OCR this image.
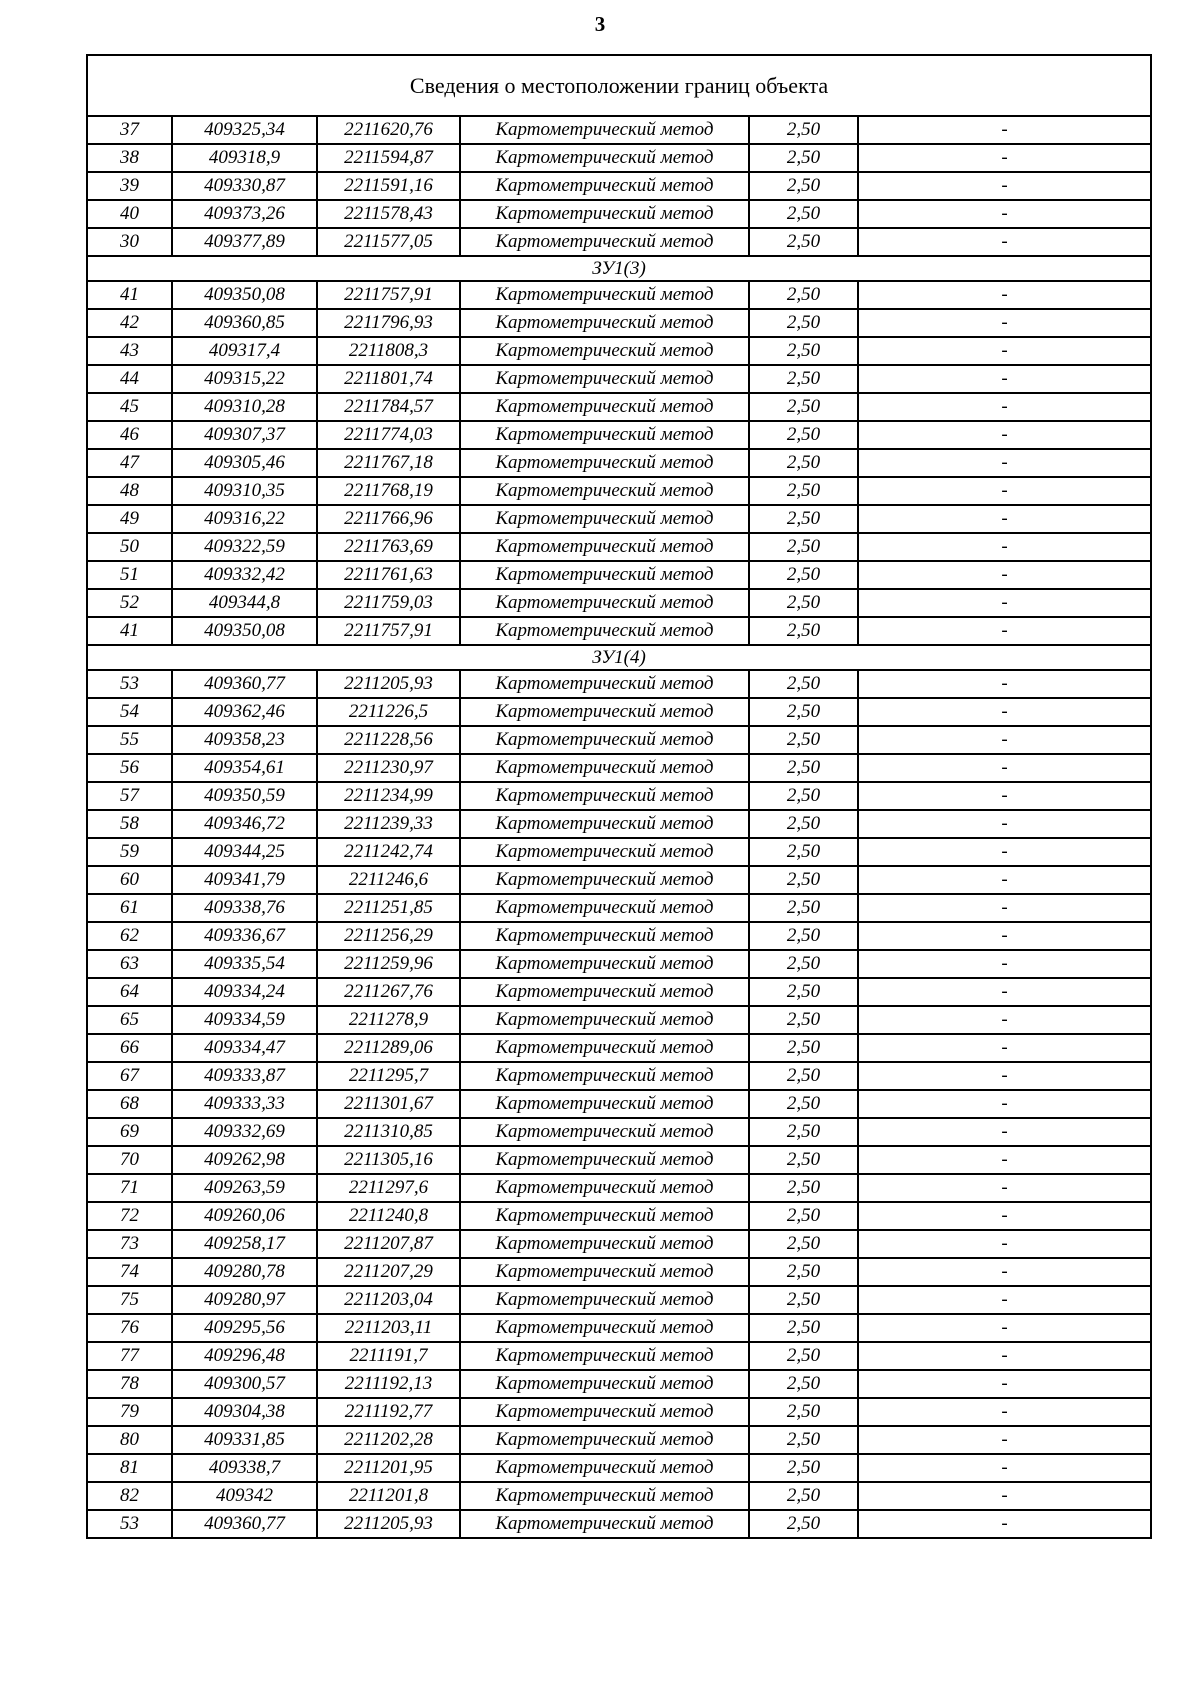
3
Сведения о местоположении границ объекта					
37	409325,34	2211620,76	Картометрический метод	2,50	-
38	409318,9	2211594,87	Картометрический метод	2,50	-
39	409330,87	2211591,16	Картометрический метод	2,50	-
40	409373,26	2211578,43	Картометрический метод	2,50	-
30	409377,89	2211577,05	Картометрический метод	2,50	-
ЗУ1(3)					
41	409350,08	2211757,91	Картометрический метод	2,50	-
42	409360,85	2211796,93	Картометрический метод	2,50	-
43	409317,4	2211808,3	Картометрический метод	2,50	-
44	409315,22	2211801,74	Картометрический метод	2,50	-
45	409310,28	2211784,57	Картометрический метод	2,50	-
46	409307,37	2211774,03	Картометрический метод	2,50	-
47	409305,46	2211767,18	Картометрический метод	2,50	-
48	409310,35	2211768,19	Картометрический метод	2,50	-
49	409316,22	2211766,96	Картометрический метод	2,50	-
50	409322,59	2211763,69	Картометрический метод	2,50	-
51	409332,42	2211761,63	Картометрический метод	2,50	-
52	409344,8	2211759,03	Картометрический метод	2,50	-
41	409350,08	2211757,91	Картометрический метод	2,50	-
ЗУ1(4)					
53	409360,77	2211205,93	Картометрический метод	2,50	-
54	409362,46	2211226,5	Картометрический метод	2,50	-
55	409358,23	2211228,56	Картометрический метод	2,50	-
56	409354,61	2211230,97	Картометрический метод	2,50	-
57	409350,59	2211234,99	Картометрический метод	2,50	-
58	409346,72	2211239,33	Картометрический метод	2,50	-
59	409344,25	2211242,74	Картометрический метод	2,50	-
60	409341,79	2211246,6	Картометрический метод	2,50	-
61	409338,76	2211251,85	Картометрический метод	2,50	-
62	409336,67	2211256,29	Картометрический метод	2,50	-
63	409335,54	2211259,96	Картометрический метод	2,50	-
64	409334,24	2211267,76	Картометрический метод	2,50	-
65	409334,59	2211278,9	Картометрический метод	2,50	-
66	409334,47	2211289,06	Картометрический метод	2,50	-
67	409333,87	2211295,7	Картометрический метод	2,50	-
68	409333,33	2211301,67	Картометрический метод	2,50	-
69	409332,69	2211310,85	Картометрический метод	2,50	-
70	409262,98	2211305,16	Картометрический метод	2,50	-
71	409263,59	2211297,6	Картометрический метод	2,50	-
72	409260,06	2211240,8	Картометрический метод	2,50	-
73	409258,17	2211207,87	Картометрический метод	2,50	-
74	409280,78	2211207,29	Картометрический метод	2,50	-
75	409280,97	2211203,04	Картометрический метод	2,50	-
76	409295,56	2211203,11	Картометрический метод	2,50	-
77	409296,48	2211191,7	Картометрический метод	2,50	-
78	409300,57	2211192,13	Картометрический метод	2,50	-
79	409304,38	2211192,77	Картометрический метод	2,50	-
80	409331,85	2211202,28	Картометрический метод	2,50	-
81	409338,7	2211201,95	Картометрический метод	2,50	-
82	409342	2211201,8	Картометрический метод	2,50	-
53	409360,77	2211205,93	Картометрический метод	2,50	-
